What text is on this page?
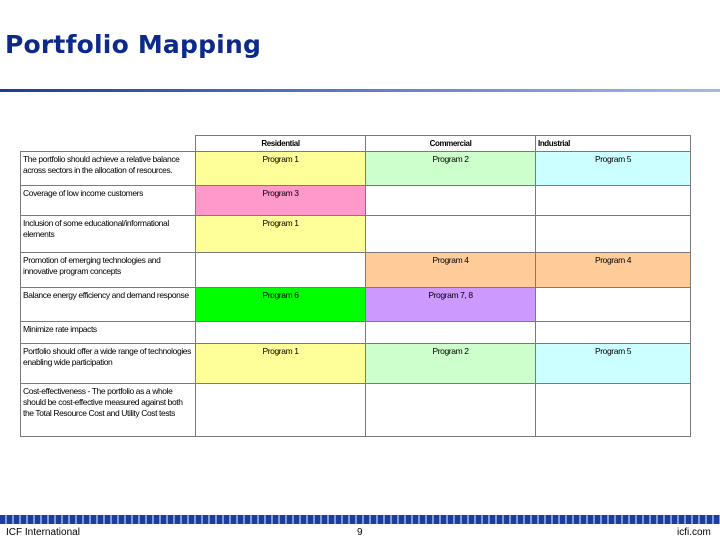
Portfolio Mapping
	Residential	Commercial	Industrial
The portfolio should achieve a relative balance across sectors in the allocation of resources.	Program 1	Program 2	Program 5
Coverage of low income customers	Program 3		
Inclusion of some educational/informational elements	Program 1		
Promotion of emerging technologies and innovative program concepts		Program 4	Program 4
Balance energy efficiency and demand response	Program 6	Program 7, 8	
Minimize rate impacts			
Portfolio should offer a wide range of technologies enabling wide participation	Program 1	Program 2	Program 5
Cost-effectiveness - The portfolio as a whole should be cost-effective measured against both the Total Resource Cost and Utility Cost tests			
ICF International	9	icfi.com
